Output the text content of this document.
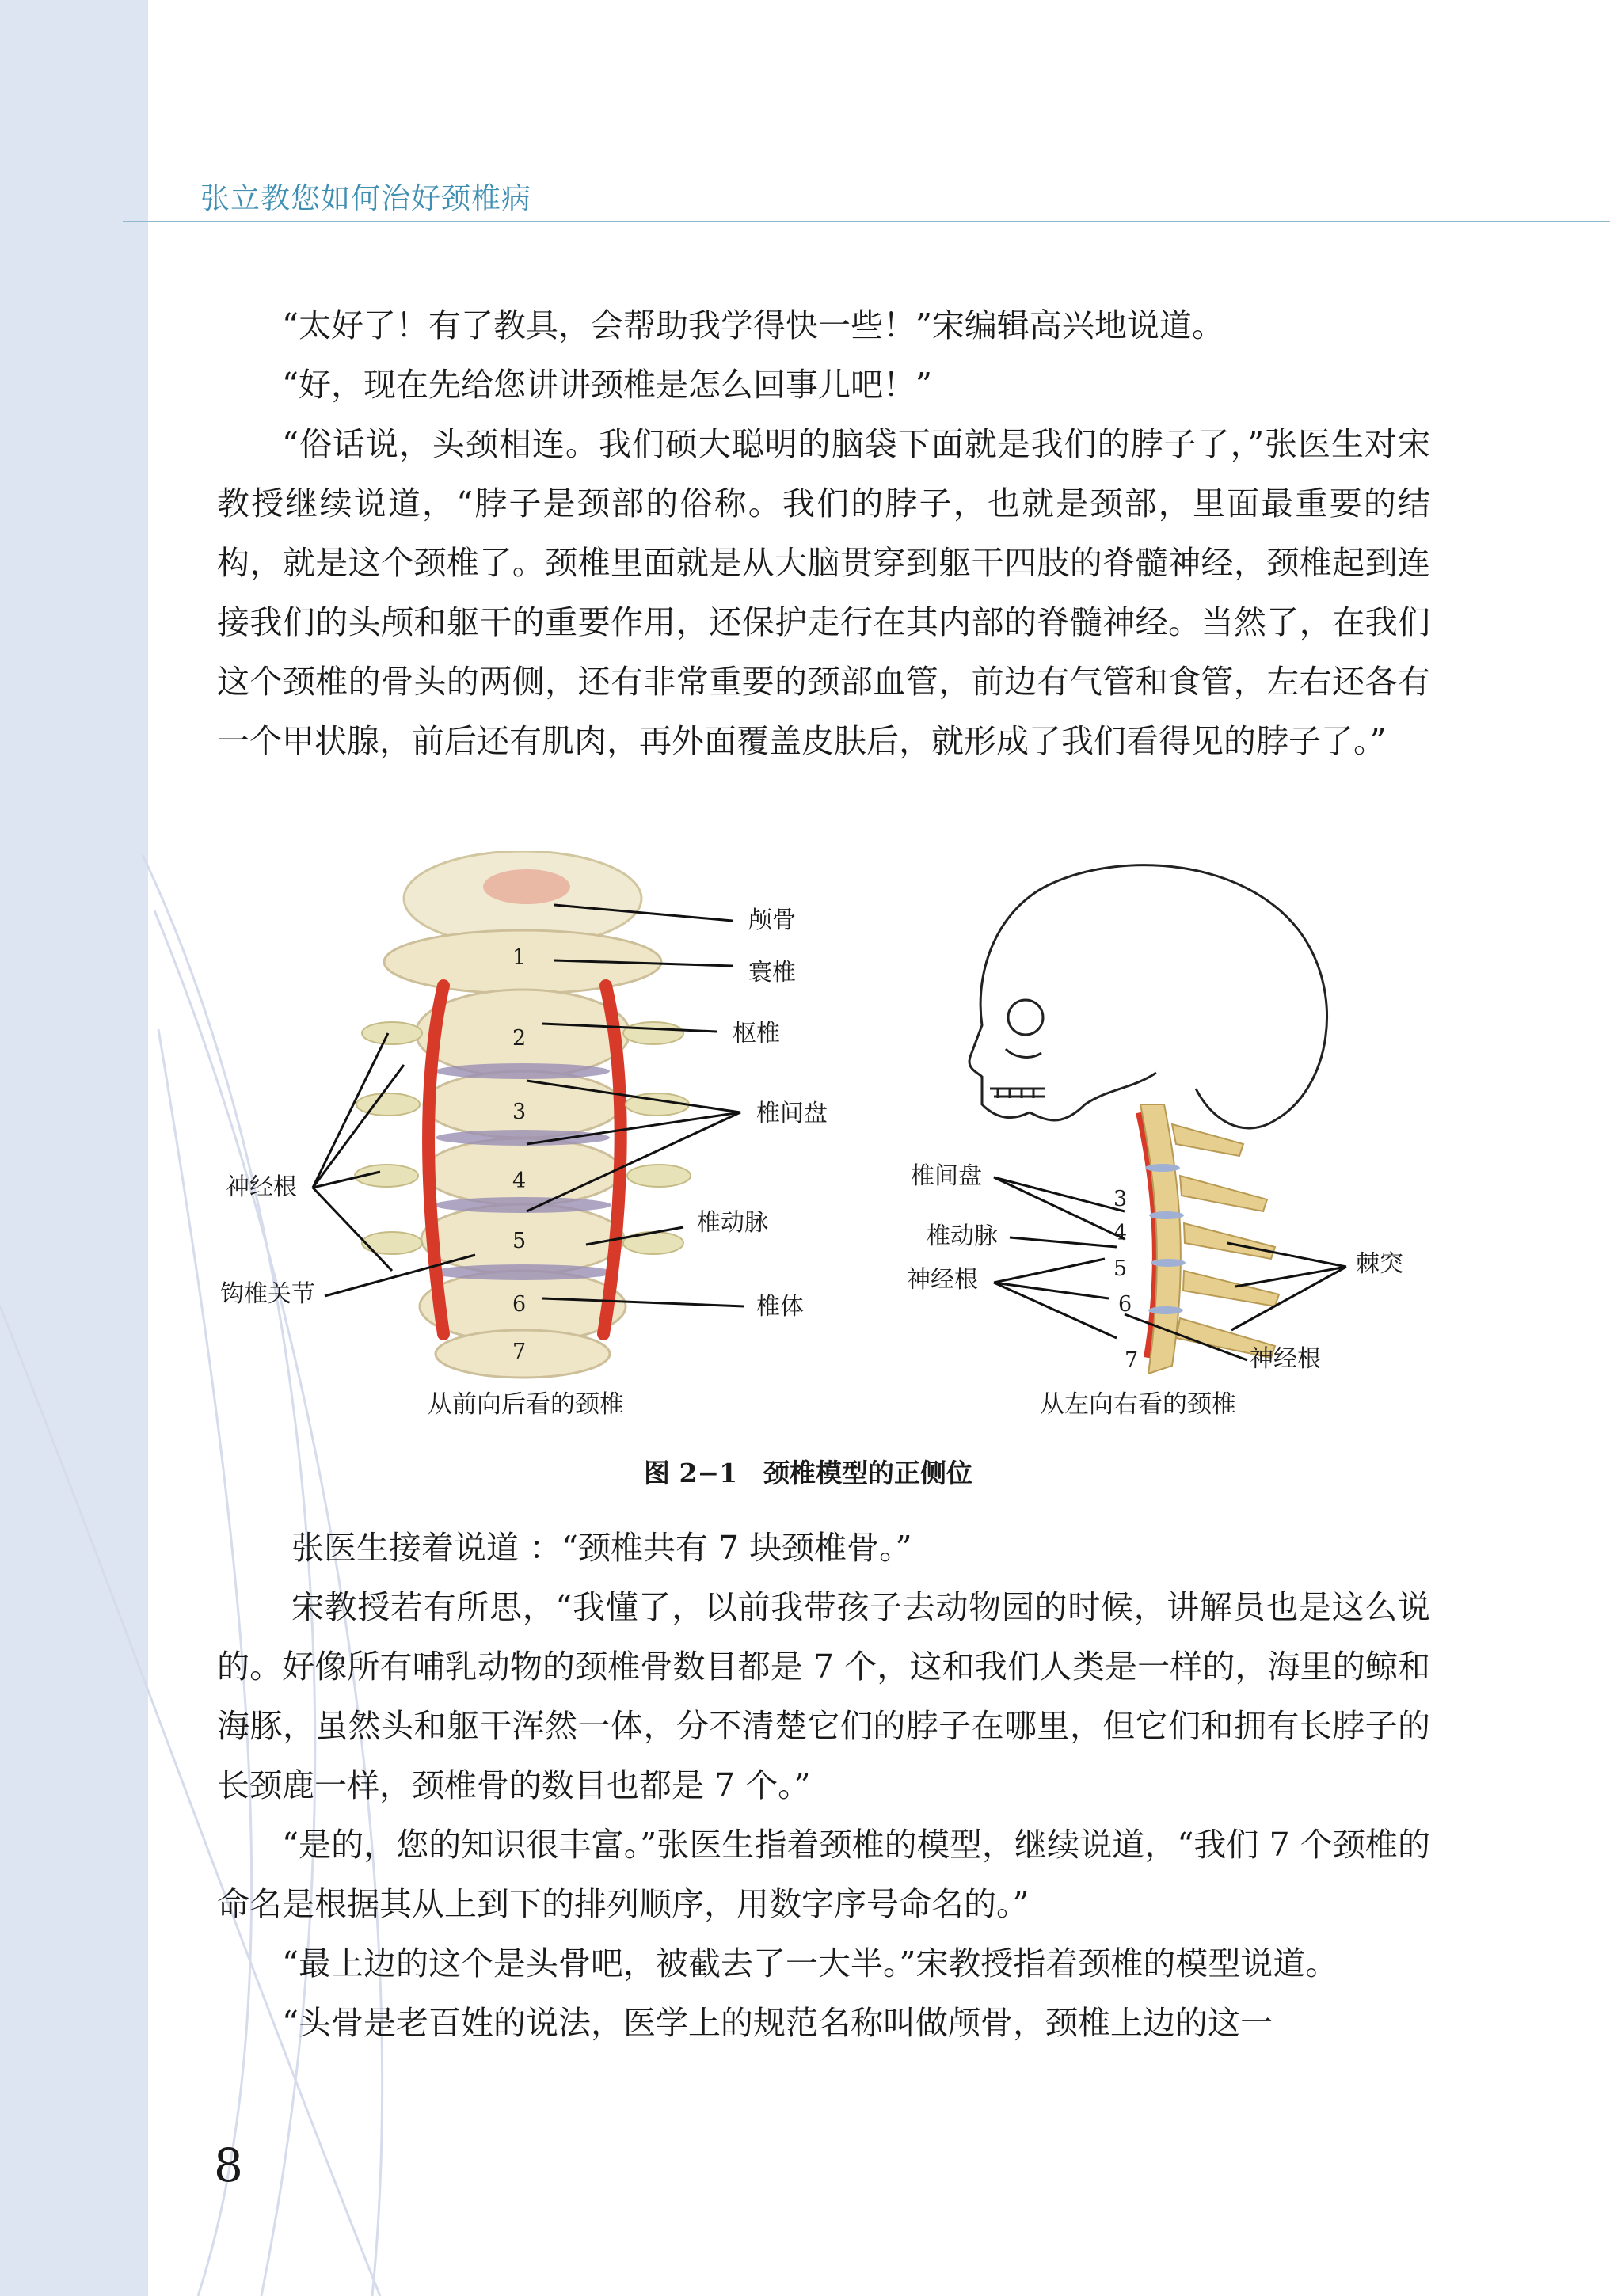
张立教您如何治好颈椎病
“太好了！有了教具，会帮助我学得快一些！”宋编辑高兴地说道。
“好，现在先给您讲讲颈椎是怎么回事儿吧！”
“俗话说，头颈相连。我们硕大聪明的脑袋下面就是我们的脖子了，”张医生对宋教授继续说道，“脖子是颈部的俗称。我们的脖子，也就是颈部，里面最重要的结构，就是这个颈椎了。颈椎里面就是从大脑贯穿到躯干四肢的脊髓神经，颈椎起到连接我们的头颅和躯干的重要作用，还保护走行在其内部的脊髓神经。当然了，在我们这个颈椎的骨头的两侧，还有非常重要的颈部血管，前边有气管和食管，左右还各有一个甲状腺，前后还有肌肉，再外面覆盖皮肤后，就形成了我们看得见的脖子了。”
1
2
3
4
5
6
7
颅骨
寰椎
枢椎
椎间盘
椎动脉
神经根
钩椎关节	椎体
从前向后看的颈椎
3
4
5
6
7
椎间盘
椎动脉
神经根
棘突
神经根
从左向右看的颈椎
图 2−1　颈椎模型的正侧位
张医生接着说道 ：“颈椎共有 7 块颈椎骨。”
宋教授若有所思，“我懂了，以前我带孩子去动物园的时候，讲解员也是这么说的。好像所有哺乳动物的颈椎骨数目都是 7 个，这和我们人类是一样的，海里的鲸和海豚，虽然头和躯干浑然一体，分不清楚它们的脖子在哪里，但它们和拥有长脖子的长颈鹿一样，颈椎骨的数目也都是 7 个。”
“是的，您的知识很丰富。”张医生指着颈椎的模型，继续说道，“我们 7 个颈椎的命名是根据其从上到下的排列顺序，用数字序号命名的。”
“最上边的这个是头骨吧，被截去了一大半。”宋教授指着颈椎的模型说道。
“头骨是老百姓的说法，医学上的规范名称叫做颅骨，颈椎上边的这一
8
